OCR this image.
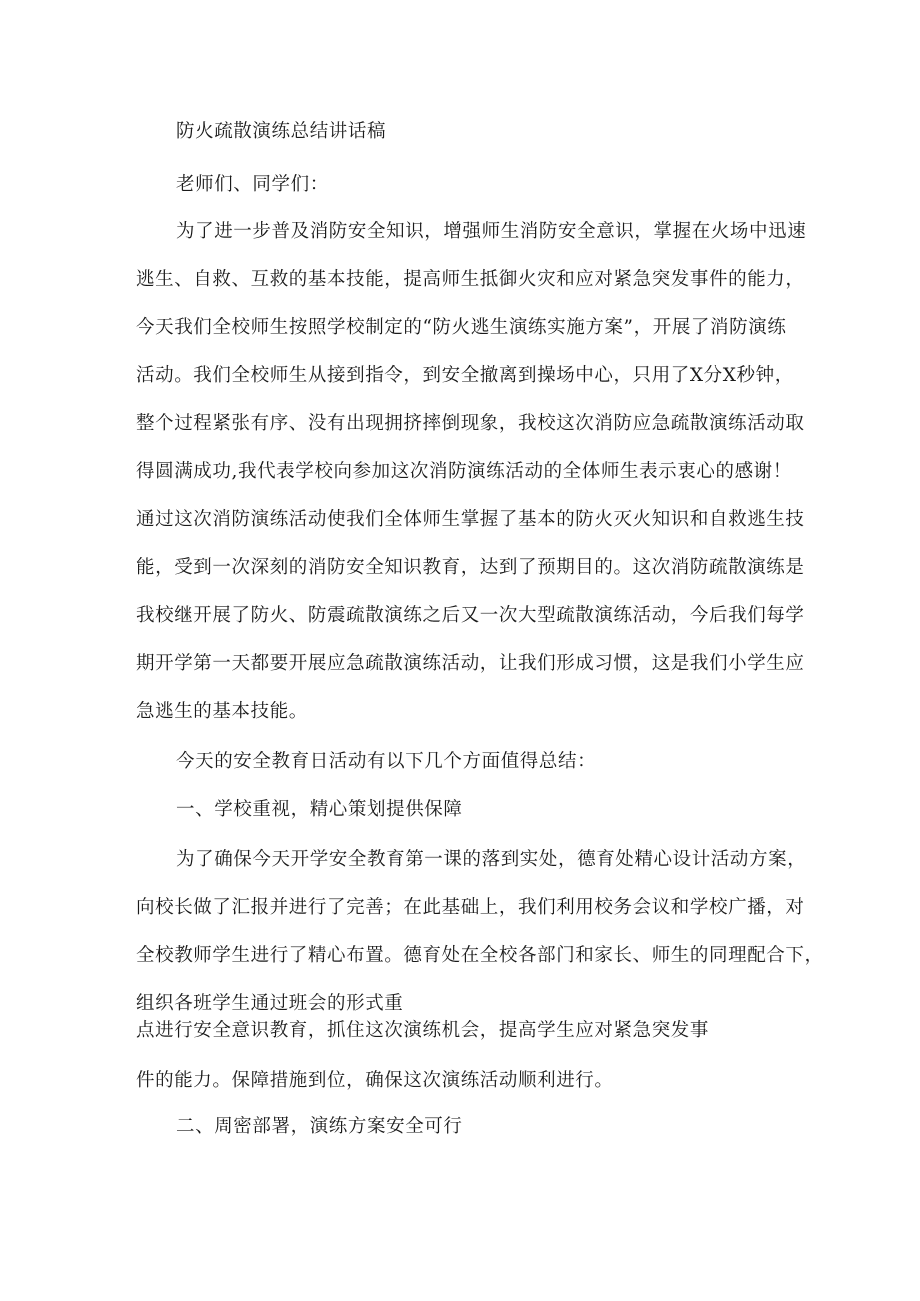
防火疏散演练总结讲话稿
老师们、同学们：
为了进一步普及消防安全知识，增强师生消防安全意识，掌握在火场中迅速
逃生、自救、互救的基本技能，提高师生抵御火灾和应对紧急突发事件的能力，
今天我们全校师生按照学校制定的“防火逃生演练实施方案”，开展了消防演练
活动。我们全校师生从接到指令，到安全撤离到操场中心，只用了X分X秒钟，
整个过程紧张有序、没有出现拥挤摔倒现象，我校这次消防应急疏散演练活动取
得圆满成功,我代表学校向参加这次消防演练活动的全体师生表示衷心的感谢！
通过这次消防演练活动使我们全体师生掌握了基本的防火灭火知识和自救逃生技
能，受到一次深刻的消防安全知识教育，达到了预期目的。这次消防疏散演练是
我校继开展了防火、防震疏散演练之后又一次大型疏散演练活动，今后我们每学
期开学第一天都要开展应急疏散演练活动，让我们形成习惯，这是我们小学生应
急逃生的基本技能。
今天的安全教育日活动有以下几个方面值得总结：
一、学校重视，精心策划提供保障
为了确保今天开学安全教育第一课的落到实处，德育处精心设计活动方案，
向校长做了汇报并进行了完善；在此基础上，我们利用校务会议和学校广播，对
全校教师学生进行了精心布置。德育处在全校各部门和家长、师生的同理配合下，
组织各班学生通过班会的形式重
点进行安全意识教育，抓住这次演练机会，提高学生应对紧急突发事
件的能力。保障措施到位，确保这次演练活动顺利进行。
二、周密部署，演练方案安全可行
